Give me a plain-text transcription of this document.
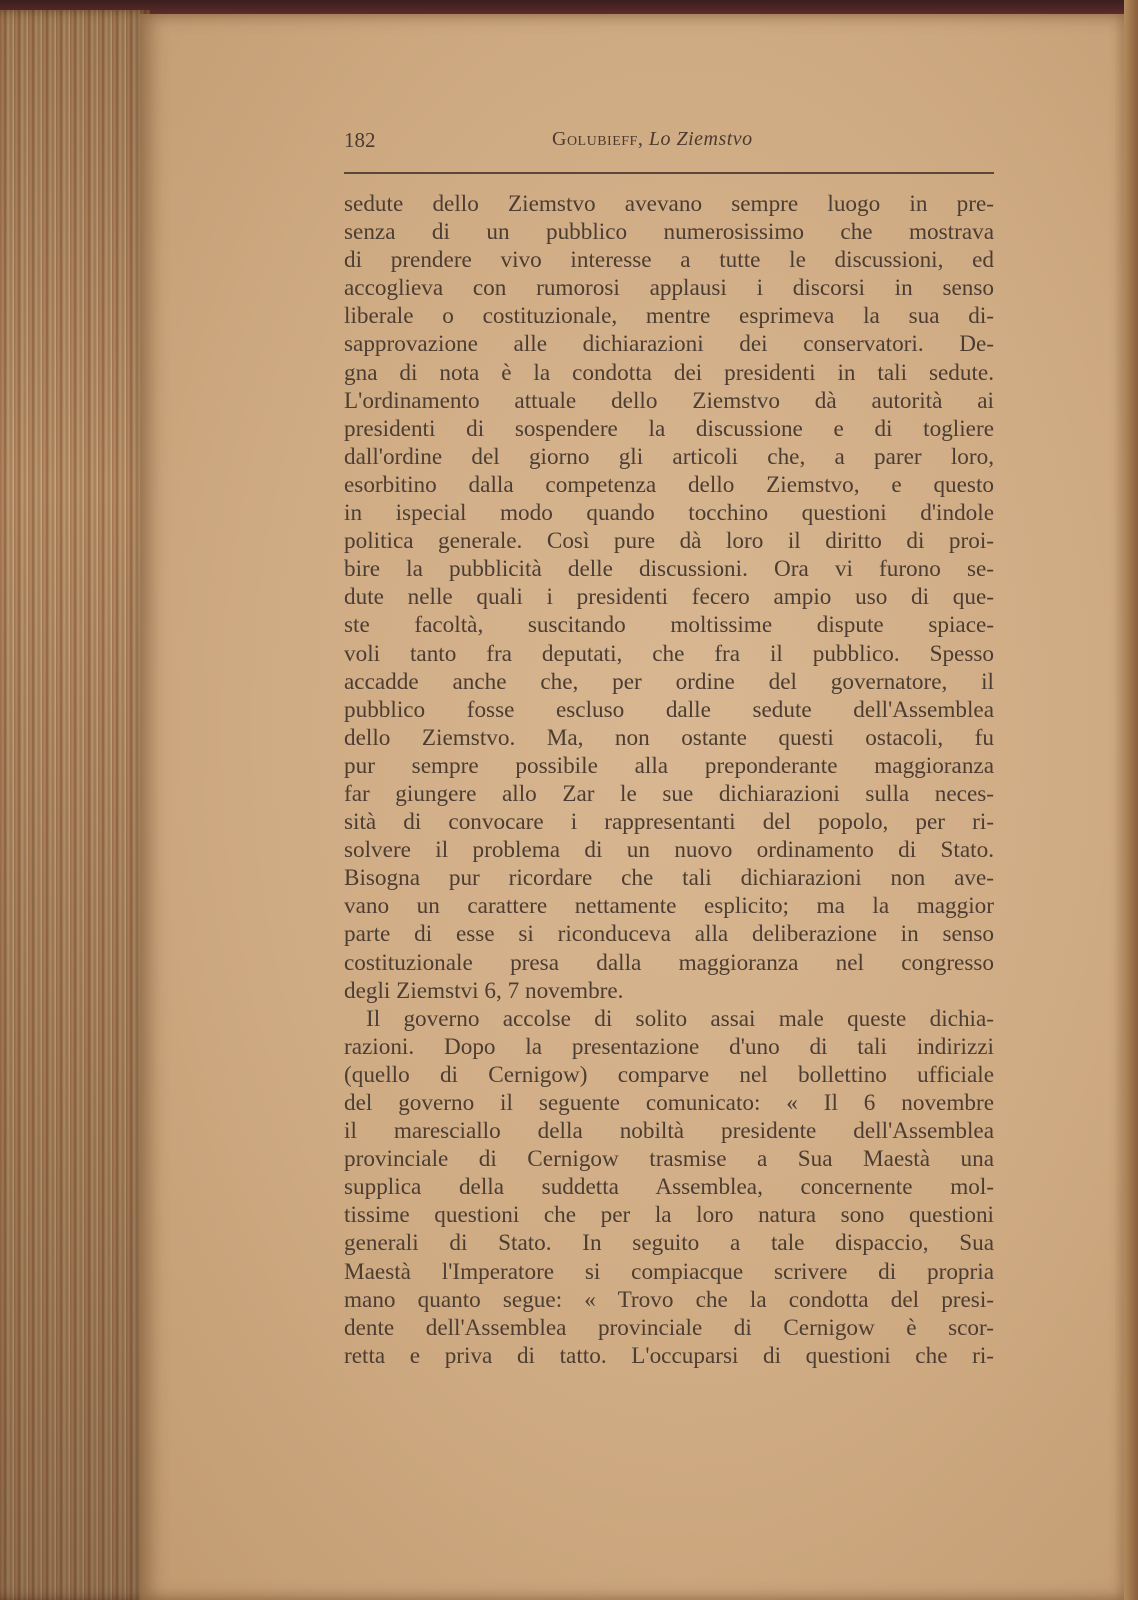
182	Golubieff, Lo Ziemstvo
sedute dello Ziemstvo avevano sempre luogo in pre-
senza di un pubblico numerosissimo che mostrava
di prendere vivo interesse a tutte le discussioni, ed
accoglieva con rumorosi applausi i discorsi in senso
liberale o costituzionale, mentre esprimeva la sua di-
sapprovazione alle dichiarazioni dei conservatori. De-
gna di nota è la condotta dei presidenti in tali sedute.
L'ordinamento attuale dello Ziemstvo dà autorità ai
presidenti di sospendere la discussione e di togliere
dall'ordine del giorno gli articoli che, a parer loro,
esorbitino dalla competenza dello Ziemstvo, e questo
in ispecial modo quando tocchino questioni d'indole
politica generale. Così pure dà loro il diritto di proi-
bire la pubblicità delle discussioni. Ora vi furono se-
dute nelle quali i presidenti fecero ampio uso di que-
ste facoltà, suscitando moltissime dispute spiace-
voli tanto fra deputati, che fra il pubblico. Spesso
accadde anche che, per ordine del governatore, il
pubblico fosse escluso dalle sedute dell'Assemblea
dello Ziemstvo. Ma, non ostante questi ostacoli, fu
pur sempre possibile alla preponderante maggioranza
far giungere allo Zar le sue dichiarazioni sulla neces-
sità di convocare i rappresentanti del popolo, per ri-
solvere il problema di un nuovo ordinamento di Stato.
Bisogna pur ricordare che tali dichiarazioni non ave-
vano un carattere nettamente esplicito; ma la maggior
parte di esse si riconduceva alla deliberazione in senso
costituzionale presa dalla maggioranza nel congresso
degli Ziemstvi 6, 7 novembre.
Il governo accolse di solito assai male queste dichia-
razioni. Dopo la presentazione d'uno di tali indirizzi
(quello di Cernigow) comparve nel bollettino ufficiale
del governo il seguente comunicato: « Il 6 novembre
il maresciallo della nobiltà presidente dell'Assemblea
provinciale di Cernigow trasmise a Sua Maestà una
supplica della suddetta Assemblea, concernente mol-
tissime questioni che per la loro natura sono questioni
generali di Stato. In seguito a tale dispaccio, Sua
Maestà l'Imperatore si compiacque scrivere di propria
mano quanto segue: « Trovo che la condotta del presi-
dente dell'Assemblea provinciale di Cernigow è scor-
retta e priva di tatto. L'occuparsi di questioni che ri-
